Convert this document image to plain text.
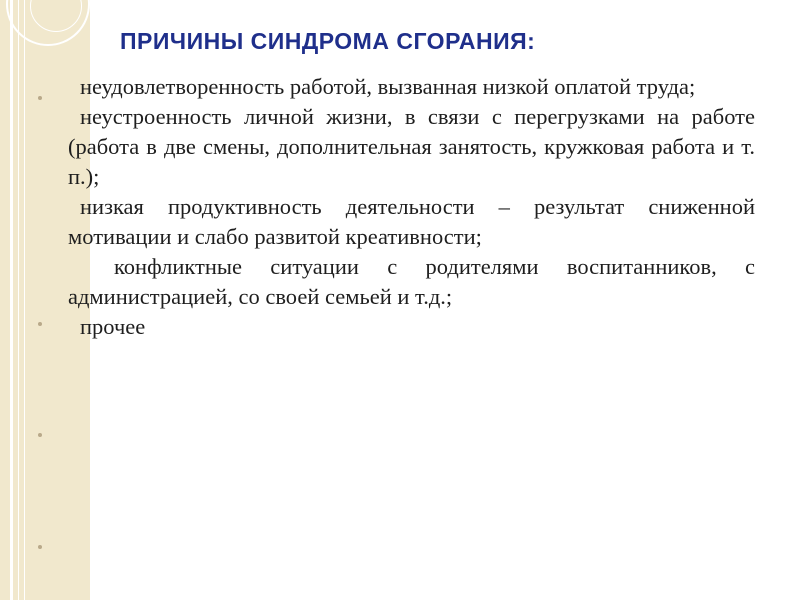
ПРИЧИНЫ СИНДРОМА СГОРАНИЯ:

неудовлетворенность работой, вызванная низкой оплатой труда;

неустроенность личной жизни, в связи с перегрузками на работе (работа в две смены, дополнительная занятость, кружковая работа и т. п.);

низкая продуктивность деятельности – результат сниженной мотивации и слабо развитой креативности;

конфликтные ситуации с родителями воспитанников, с администрацией, со своей семьей и т.д.;

прочее
